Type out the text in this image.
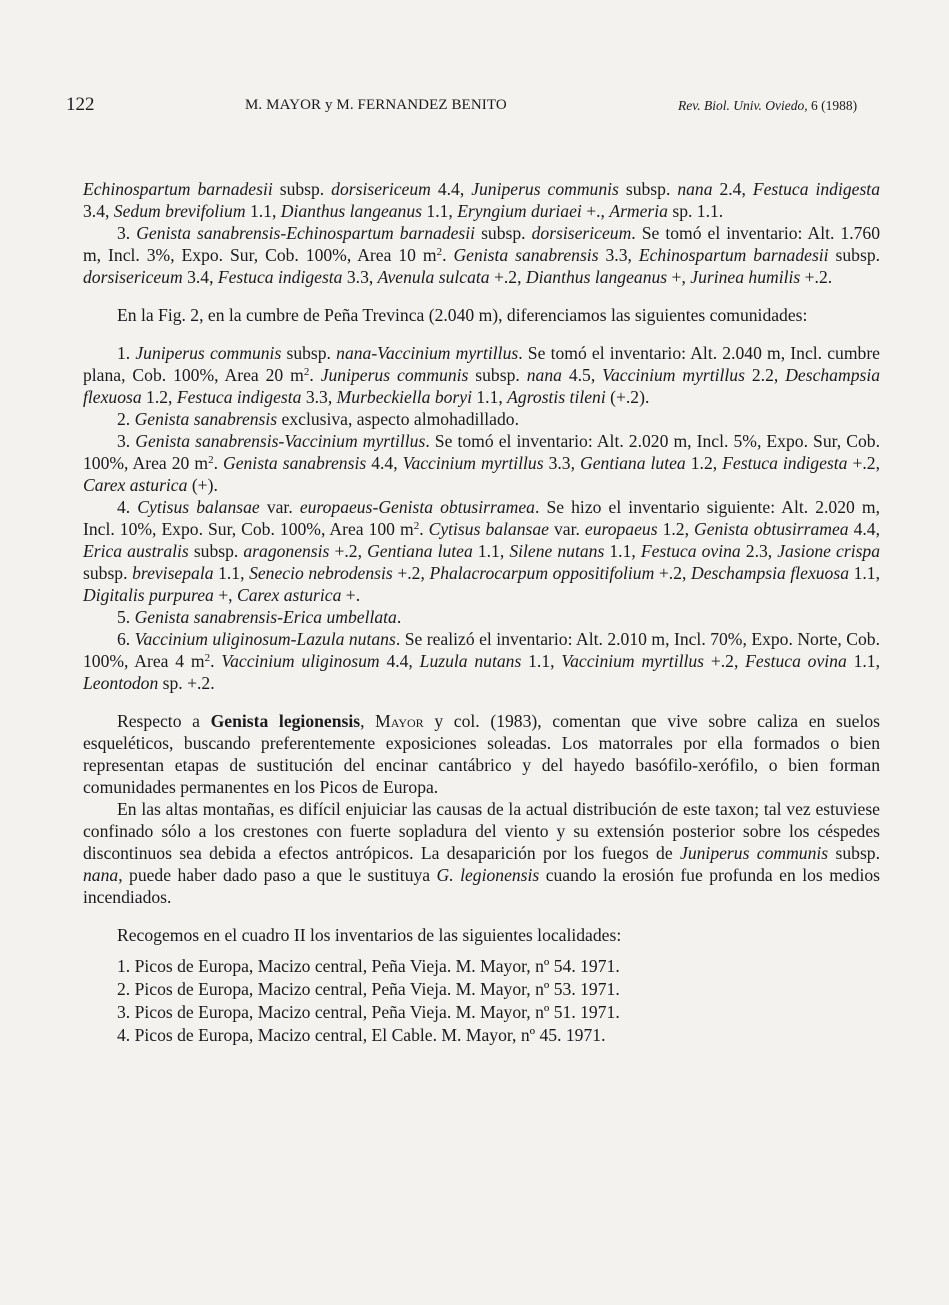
122	M. MAYOR y M. FERNANDEZ BENITO	Rev. Biol. Univ. Oviedo, 6 (1988)

Echinospartum barnadesii subsp. dorsisericeum 4.4, Juniperus communis subsp. nana 2.4, Festuca indigesta 3.4, Sedum brevifolium 1.1, Dianthus langeanus 1.1, Eryngium duriaei +., Armeria sp. 1.1.

3. Genista sanabrensis-Echinospartum barnadesii subsp. dorsisericeum. Se tomó el inventario: Alt. 1.760 m, Incl. 3%, Expo. Sur, Cob. 100%, Area 10 $m^2$. Genista sanabrensis 3.3, Echinospartum barnadesii subsp. dorsisericeum 3.4, Festuca indigesta 3.3, Avenula sulcata +.2, Dianthus langeanus +, Jurinea humilis +.2.

En la Fig. 2, en la cumbre de Peña Trevinca (2.040 m), diferenciamos las siguientes comunidades:

1. Juniperus communis subsp. nana-Vaccinium myrtillus. Se tomó el inventario: Alt. 2.040 m, Incl. cumbre plana, Cob. 100%, Area 20 $m^2$. Juniperus communis subsp. nana 4.5, Vaccinium myrtillus 2.2, Deschampsia flexuosa 1.2, Festuca indigesta 3.3, Murbeckiella boryi 1.1, Agrostis tileni (+.2).

2. Genista sanabrensis exclusiva, aspecto almohadillado.

3. Genista sanabrensis-Vaccinium myrtillus. Se tomó el inventario: Alt. 2.020 m, Incl. 5%, Expo. Sur, Cob. 100%, Area 20 $m^2$. Genista sanabrensis 4.4, Vaccinium myrtillus 3.3, Gentiana lutea 1.2, Festuca indigesta +.2, Carex asturica (+).

4. Cytisus balansae var. europaeus-Genista obtusirramea. Se hizo el inventario siguiente: Alt. 2.020 m, Incl. 10%, Expo. Sur, Cob. 100%, Area 100 $m^2$. Cytisus balansae var. europaeus 1.2, Genista obtusirramea 4.4, Erica australis subsp. aragonensis +.2, Gentiana lutea 1.1, Silene nutans 1.1, Festuca ovina 2.3, Jasione crispa subsp. brevisepala 1.1, Senecio nebrodensis +.2, Phalacrocarpum oppositifolium +.2, Deschampsia flexuosa 1.1, Digitalis purpurea +, Carex asturica +.

5. Genista sanabrensis-Erica umbellata.

6. Vaccinium uliginosum-Lazula nutans. Se realizó el inventario: Alt. 2.010 m, Incl. 70%, Expo. Norte, Cob. 100%, Area 4 $m^2$. Vaccinium uliginosum 4.4, Luzula nutans 1.1, Vaccinium myrtillus +.2, Festuca ovina 1.1, Leontodon sp. +.2.

Respecto a Genista legionensis, Mayor y col. (1983), comentan que vive sobre caliza en suelos esqueléticos, buscando preferentemente exposiciones soleadas. Los matorrales por ella formados o bien representan etapas de sustitución del encinar cantábrico y del hayedo basófilo-xerófilo, o bien forman comunidades permanentes en los Picos de Europa.

En las altas montañas, es difícil enjuiciar las causas de la actual distribución de este taxon; tal vez estuviese confinado sólo a los crestones con fuerte sopladura del viento y su extensión posterior sobre los céspedes discontinuos sea debida a efectos antrópicos. La desaparición por los fuegos de Juniperus communis subsp. nana, puede haber dado paso a que le sustituya G. legionensis cuando la erosión fue profunda en los medios incendiados.

Recogemos en el cuadro II los inventarios de las siguientes localidades:

1. Picos de Europa, Macizo central, Peña Vieja. M. Mayor, nº 54. 1971.

2. Picos de Europa, Macizo central, Peña Vieja. M. Mayor, nº 53. 1971.

3. Picos de Europa, Macizo central, Peña Vieja. M. Mayor, nº 51. 1971.

4. Picos de Europa, Macizo central, El Cable. M. Mayor, nº 45. 1971.
